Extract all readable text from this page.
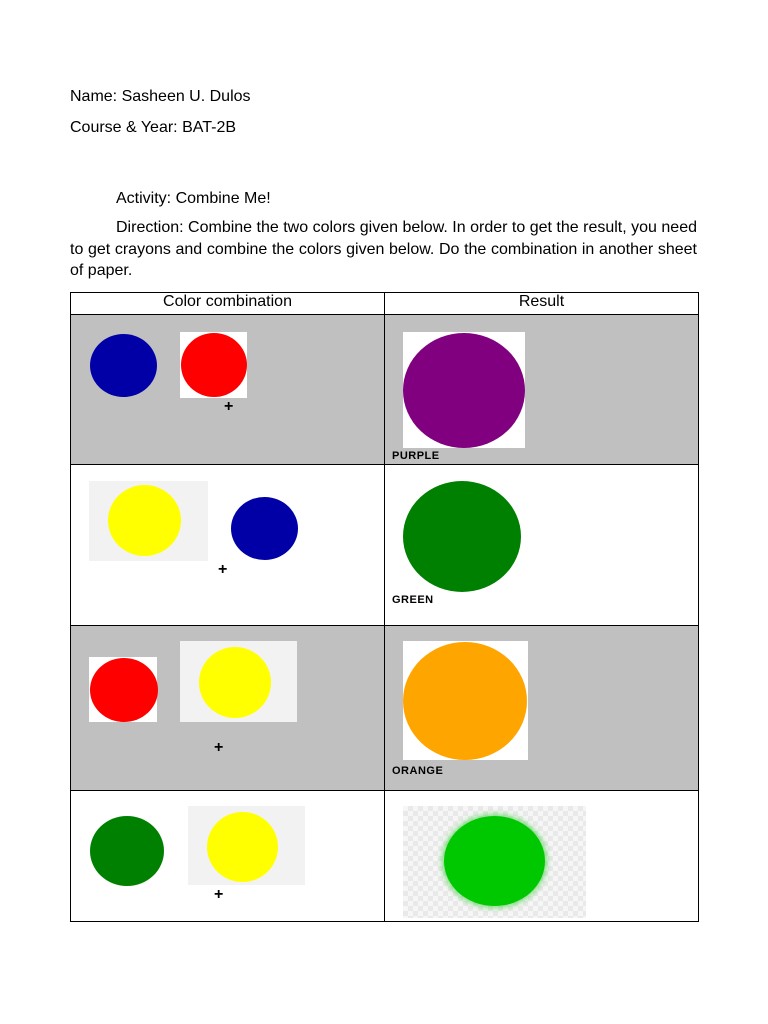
Name: Sasheen U. Dulos
Course & Year: BAT-2B
Activity: Combine Me!
Direction: Combine the two colors given below. In order to get the result, you need to get crayons and combine the colors given below. Do the combination in another sheet of paper.
Color combination	Result

+	PURPLE

+	GREEN

+	ORANGE

+	
